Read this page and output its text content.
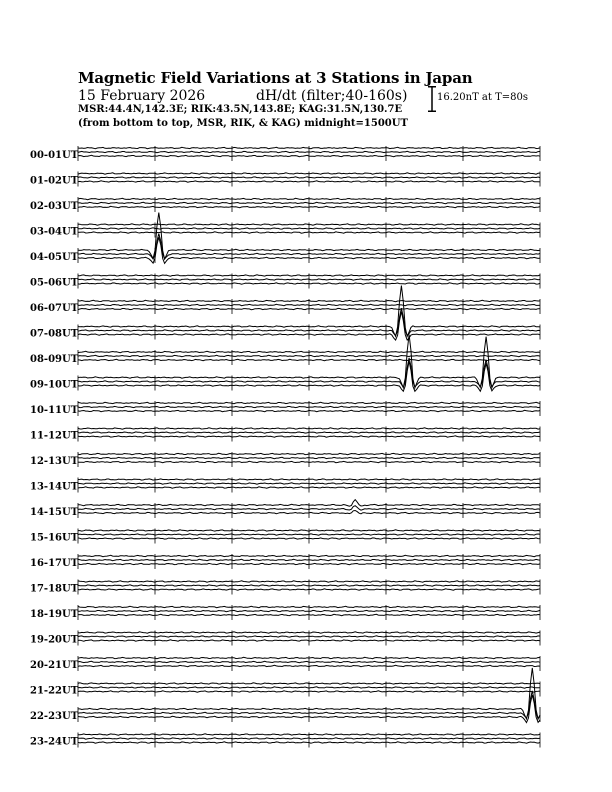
Magnetic Field Variations at 3 Stations in Japan
15 February 2026	dH/dt (filter;40-160s)
MSR:44.4N,142.3E; RIK:43.5N,143.8E; KAG:31.5N,130.7E
(from bottom to top, MSR, RIK, & KAG) midnight=1500UT
16.20nT at T=80s
00-01UT
01-02UT
02-03UT
03-04UT
04-05UT
05-06UT
06-07UT
07-08UT
08-09UT
09-10UT
10-11UT
11-12UT
12-13UT
13-14UT
14-15UT
15-16UT
16-17UT
17-18UT
18-19UT
19-20UT
20-21UT
21-22UT
22-23UT
23-24UT
